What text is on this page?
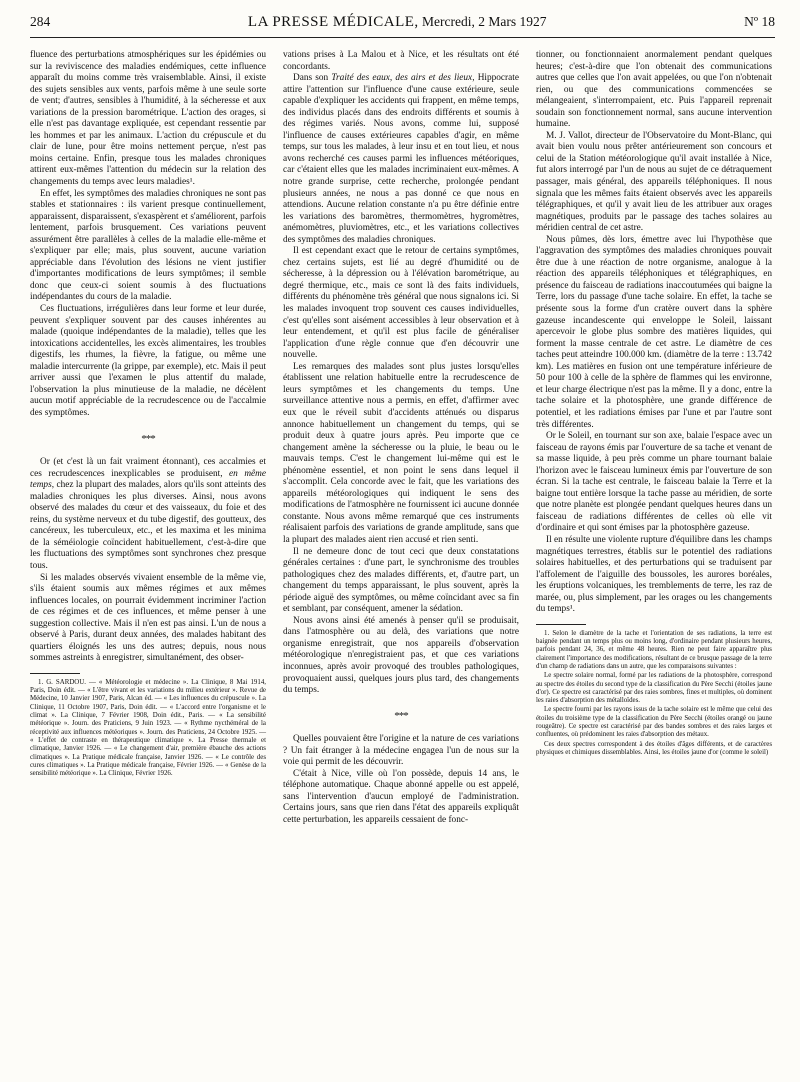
284	LA PRESSE MÉDICALE, Mercredi, 2 Mars 1927	Nº 18

fluence des perturbations atmosphériques sur les épidémies ou sur la reviviscence des maladies endémiques, cette influence apparaît du moins comme très vraisemblable. Ainsi, il existe des sujets sensibles aux vents, parfois même à une seule sorte de vent; d'autres, sensibles à l'humidité, à la sécheresse et aux variations de la pression barométrique. L'action des orages, si elle n'est pas davantage expliquée, est cependant ressentie par les hommes et par les animaux. L'action du crépuscule et du clair de lune, pour être moins nettement perçue, n'est pas moins certaine. Enfin, presque tous les malades chroniques attirent eux-mêmes l'attention du médecin sur la relation des changements du temps avec leurs maladies¹.

En effet, les symptômes des maladies chroniques ne sont pas stables et stationnaires : ils varient presque continuellement, apparaissent, disparaissent, s'exaspèrent et s'améliorent, parfois lentement, parfois brusquement. Ces variations peuvent assurément être parallèles à celles de la maladie elle-même et s'expliquer par elle; mais, plus souvent, aucune variation appréciable dans l'évolution des lésions ne vient justifier d'importantes modifications de leurs symptômes; il semble donc que ceux-ci soient soumis à des fluctuations indépendantes du cours de la maladie.

Ces fluctuations, irrégulières dans leur forme et leur durée, peuvent s'expliquer souvent par des causes inhérentes au malade (quoique indépendantes de la maladie), telles que les intoxications accidentelles, les excès alimentaires, les troubles digestifs, les rhumes, la fièvre, la fatigue, ou même une maladie intercurrente (la grippe, par exemple), etc. Mais il peut arriver aussi que l'examen le plus attentif du malade, l'observation la plus minutieuse de la maladie, ne décèlent aucun motif appréciable de la recrudescence ou de l'accalmie des symptômes.

***

Or (et c'est là un fait vraiment étonnant), ces accalmies et ces recrudescences inexplicables se produisent, en même temps, chez la plupart des malades, alors qu'ils sont atteints des maladies chroniques les plus diverses. Ainsi, nous avons observé des malades du cœur et des vaisseaux, du foie et des reins, du système nerveux et du tube digestif, des goutteux, des cancéreux, les tuberculeux, etc., et les maxima et les minima de la séméiologie coïncident habituellement, c'est-à-dire que les fluctuations des symptômes sont synchrones chez presque tous.

Si les malades observés vivaient ensemble de la même vie, s'ils étaient soumis aux mêmes régimes et aux mêmes influences locales, on pourrait évidemment incriminer l'action de ces régimes et de ces influences, et même penser à une suggestion collective. Mais il n'en est pas ainsi. L'un de nous a observé à Paris, durant deux années, des malades habitant des quartiers éloignés les uns des autres; depuis, nous nous sommes astreints à enregistrer, simultanément, des obser-

1. G. SARDOU. — « Météorologie et médecine ». La Clinique, 8 Mai 1914, Paris, Doin édit. — « L'être vivant et les variations du milieu extérieur ». Revue de Médecine, 10 Janvier 1907, Paris, Alcan éd. — « Les influences du crépuscule ». La Clinique, 11 Octobre 1907, Paris, Doin édit. — « L'accord entre l'organisme et le climat ». La Clinique, 7 Février 1908, Doin édit., Paris. — « La sensibilité météorique ». Journ. des Praticiens, 9 Juin 1923. — « Rythme nycthéméral de la réceptivité aux influences météoriques ». Journ. des Praticiens, 24 Octobre 1925. — « L'effet de contraste en thérapeutique climatique ». La Presse thermale et climatique, Janvier 1926. — « Le changement d'air, première ébauche des actions climatiques ». La Pratique médicale française, Janvier 1926. — « Le contrôle des cures climatiques ». La Pratique médicale française, Février 1926. — « Genèse de la sensibilité météorique ». La Clinique, Février 1926.

vations prises à La Malou et à Nice, et les résultats ont été concordants.

Dans son Traité des eaux, des airs et des lieux, Hippocrate attire l'attention sur l'influence d'une cause extérieure, seule capable d'expliquer les accidents qui frappent, en même temps, des individus placés dans des endroits différents et soumis à des régimes variés. Nous avons, comme lui, supposé l'influence de causes extérieures capables d'agir, en même temps, sur tous les malades, à leur insu et en tout lieu, et nous avons recherché ces causes parmi les influences météoriques, car c'étaient elles que les malades incriminaient eux-mêmes. A notre grande surprise, cette recherche, prolongée pendant plusieurs années, ne nous a pas donné ce que nous en attendions. Aucune relation constante n'a pu être définie entre les variations des baromètres, thermomètres, hygromètres, anémomètres, pluviomètres, etc., et les variations collectives des symptômes des maladies chroniques.

Il est cependant exact que le retour de certains symptômes, chez certains sujets, est lié au degré d'humidité ou de sécheresse, à la dépression ou à l'élévation barométrique, au degré thermique, etc., mais ce sont là des faits individuels, différents du phénomène très général que nous signalons ici. Si les malades invoquent trop souvent ces causes individuelles, c'est qu'elles sont aisément accessibles à leur observation et à leur entendement, et qu'il est plus facile de généraliser l'application d'une règle connue que d'en découvrir une nouvelle.

Les remarques des malades sont plus justes lorsqu'elles établissent une relation habituelle entre la recrudescence de leurs symptômes et les changements du temps. Une surveillance attentive nous a permis, en effet, d'affirmer avec eux que le réveil subit d'accidents atténués ou disparus annonce habituellement un changement du temps, qui se produit deux à quatre jours après. Peu importe que ce changement amène la sécheresse ou la pluie, le beau ou le mauvais temps. C'est le changement lui-même qui est le phénomène essentiel, et non point le sens dans lequel il s'accomplit. Cela concorde avec le fait, que les variations des appareils météorologiques qui indiquent le sens des modifications de l'atmosphère ne fournissent ici aucune donnée constante. Nous avons même remarqué que ces instruments réalisaient parfois des variations de grande amplitude, sans que la plupart des malades aient rien accusé et rien senti.

Il ne demeure donc de tout ceci que deux constatations générales certaines : d'une part, le synchronisme des troubles pathologiques chez des malades différents, et, d'autre part, un changement du temps apparaissant, le plus souvent, après la période aiguë des symptômes, ou même coïncidant avec sa fin et semblant, par conséquent, amener la sédation.

Nous avons ainsi été amenés à penser qu'il se produisait, dans l'atmosphère ou au delà, des variations que notre organisme enregistrait, que nos appareils d'observation météorologique n'enregistraient pas, et que ces variations inconnues, après avoir provoqué des troubles pathologiques, provoquaient aussi, quelques jours plus tard, des changements du temps.

***

Quelles pouvaient être l'origine et la nature de ces variations ? Un fait étranger à la médecine engagea l'un de nous sur la voie qui permit de les découvrir.

C'était à Nice, ville où l'on possède, depuis 14 ans, le téléphone automatique. Chaque abonné appelle ou est appelé, sans l'intervention d'aucun employé de l'administration. Certains jours, sans que rien dans l'état des appareils expliquât cette perturbation, les appareils cessaient de fonc-

tionner, ou fonctionnaient anormalement pendant quelques heures; c'est-à-dire que l'on obtenait des communications autres que celles que l'on avait appelées, ou que l'on n'obtenait rien, ou que des communications commencées se mélangeaient, s'interrompaient, etc. Puis l'appareil reprenait soudain son fonctionnement normal, sans aucune intervention humaine.

M. J. Vallot, directeur de l'Observatoire du Mont-Blanc, qui avait bien voulu nous prêter antérieurement son concours et celui de la Station météorologique qu'il avait installée à Nice, fut alors interrogé par l'un de nous au sujet de ce détraquement passager, mais général, des appareils téléphoniques. Il nous signala que les mêmes faits étaient observés avec les appareils télégraphiques, et qu'il y avait lieu de les attribuer aux orages magnétiques, produits par le passage des taches solaires au méridien central de cet astre.

Nous pûmes, dès lors, émettre avec lui l'hypothèse que l'aggravation des symptômes des maladies chroniques pouvait être due à une réaction de notre organisme, analogue à la réaction des appareils téléphoniques et télégraphiques, en présence du faisceau de radiations inaccoutumées qui baigne la Terre, lors du passage d'une tache solaire. En effet, la tache se présente sous la forme d'un cratère ouvert dans la sphère gazeuse incandescente qui enveloppe le Soleil, laissant apercevoir le globe plus sombre des matières liquides, qui forment la masse centrale de cet astre. Le diamètre de ces taches peut atteindre 100.000 km. (diamètre de la terre : 13.742 km). Les matières en fusion ont une température inférieure de 50 pour 100 à celle de la sphère de flammes qui les environne, et leur charge électrique n'est pas la même. Il y a donc, entre la tache solaire et la photosphère, une grande différence de potentiel, et les radiations émises par l'une et par l'autre sont très différentes.

Or le Soleil, en tournant sur son axe, balaie l'espace avec un faisceau de rayons émis par l'ouverture de sa tache et venant de sa masse liquide, à peu près comme un phare tournant balaie l'horizon avec le faisceau lumineux émis par l'ouverture de son écran. Si la tache est centrale, le faisceau balaie la Terre et la baigne tout entière lorsque la tache passe au méridien, de sorte que notre planète est plongée pendant quelques heures dans un faisceau de radiations différentes de celles où elle vit d'ordinaire et qui sont émises par la photosphère gazeuse.

Il en résulte une violente rupture d'équilibre dans les champs magnétiques terrestres, établis sur le potentiel des radiations solaires habituelles, et des perturbations qui se traduisent par l'affolement de l'aiguille des boussoles, les aurores boréales, les éruptions volcaniques, les tremblements de terre, les raz de marée, ou, plus simplement, par les orages ou les changements du temps¹.

1. Selon le diamètre de la tache et l'orientation de ses radiations, la terre est baignée pendant un temps plus ou moins long, d'ordinaire pendant plusieurs heures, parfois pendant 24, 36, et même 48 heures. Rien ne peut faire apparaître plus clairement l'importance des modifications, résultant de ce brusque passage de la terre d'un champ de radiations dans un autre, que les comparaisons suivantes :

Le spectre solaire normal, formé par les radiations de la photosphère, correspond au spectre des étoiles du second type de la classification du Père Secchi (étoiles jaune d'or). Ce spectre est caractérisé par des raies sombres, fines et multiples, où dominent les raies d'absorption des métalloïdes.

Le spectre fourni par les rayons issus de la tache solaire est le même que celui des étoiles du troisième type de la classification du Père Secchi (étoiles orangé ou jaune rougeâtre). Ce spectre est caractérisé par des bandes sombres et des raies larges et confluentes, où prédominent les raies d'absorption des métaux.

Ces deux spectres correspondent à des étoiles d'âges différents, et de caractères physiques et chimiques dissemblables. Ainsi, les étoiles jaune d'or (comme le soleil)
